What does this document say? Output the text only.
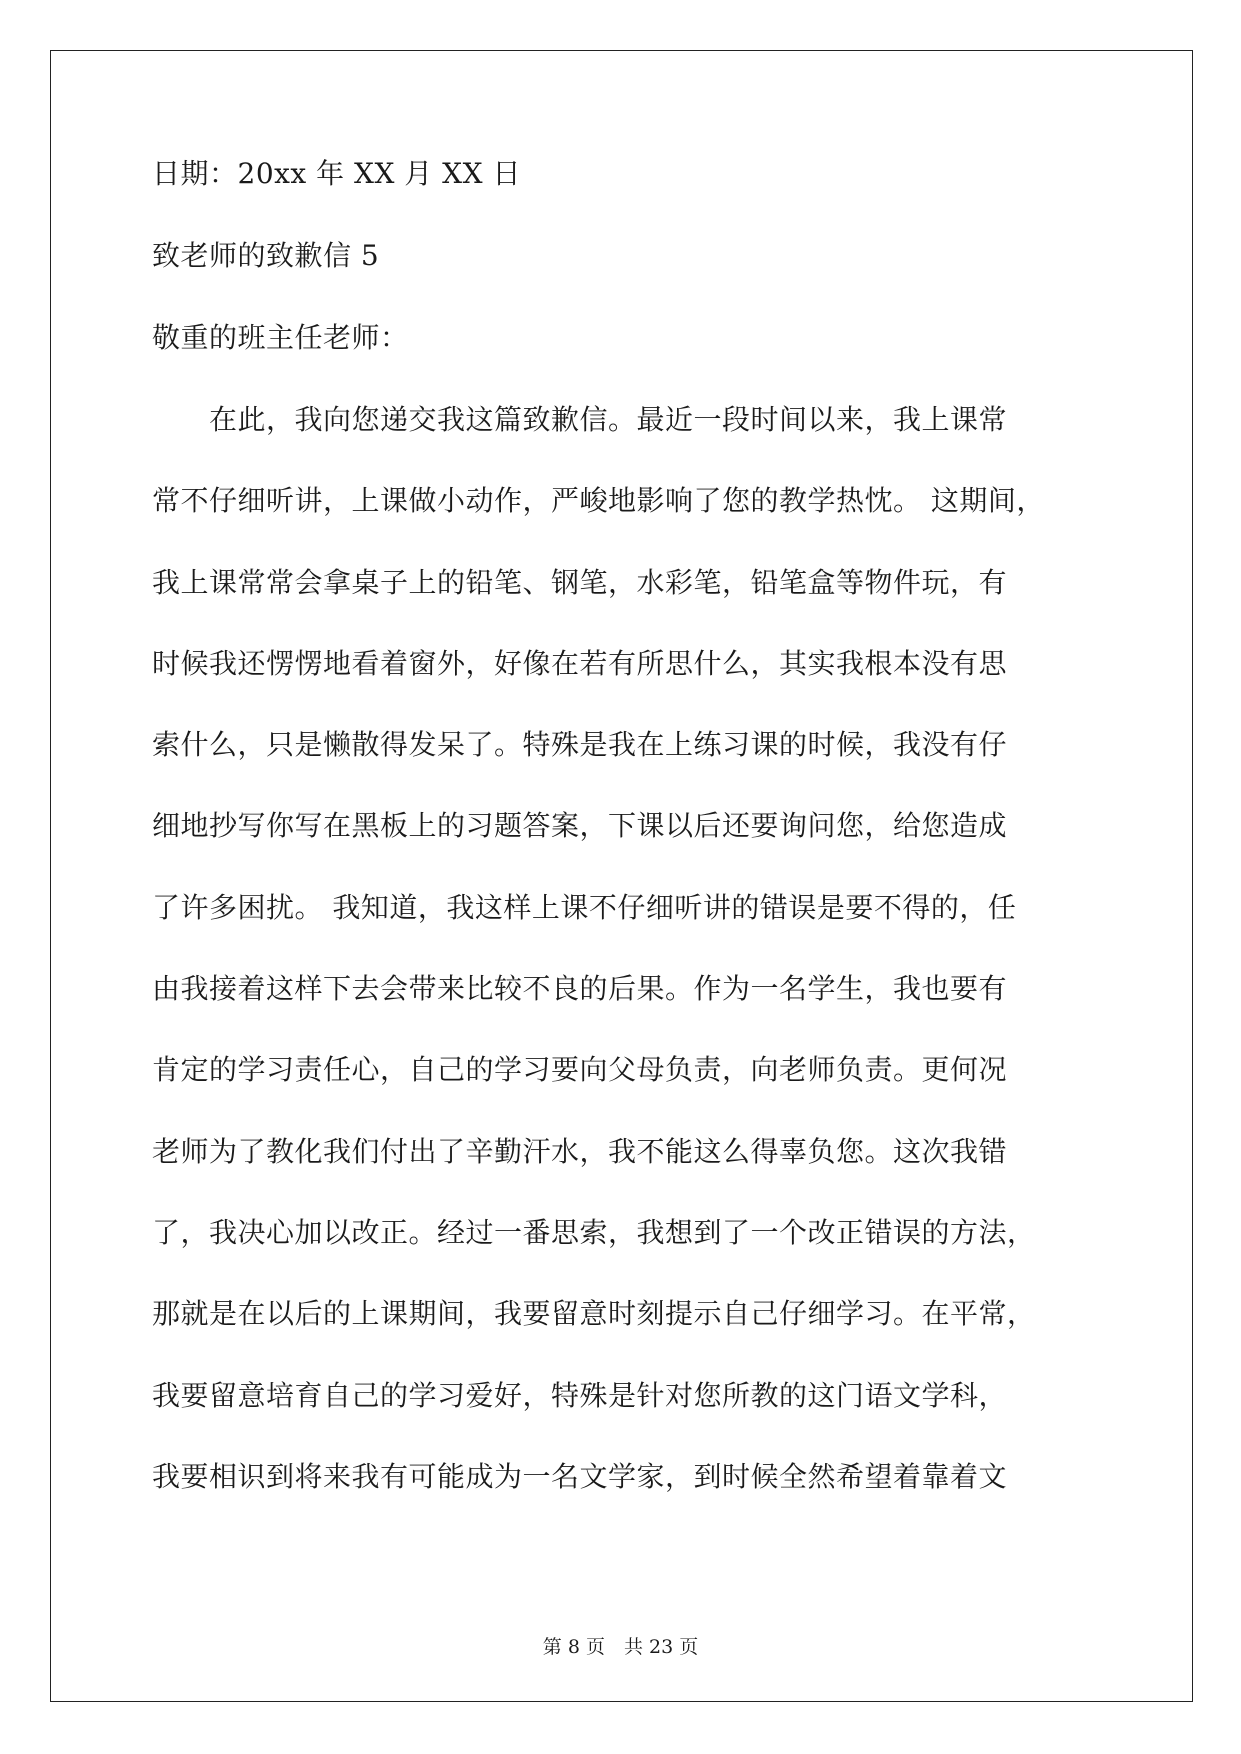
日期：20xx 年 XX 月 XX 日
致老师的致歉信 5
敬重的班主任老师：
　　在此，我向您递交我这篇致歉信。最近一段时间以来，我上课常
常不仔细听讲，上课做小动作，严峻地影响了您的教学热忱。 这期间，
我上课常常会拿桌子上的铅笔、钢笔，水彩笔，铅笔盒等物件玩，有
时候我还愣愣地看着窗外，好像在若有所思什么，其实我根本没有思
索什么，只是懒散得发呆了。特殊是我在上练习课的时候，我没有仔
细地抄写你写在黑板上的习题答案，下课以后还要询问您，给您造成
了许多困扰。 我知道，我这样上课不仔细听讲的错误是要不得的，任
由我接着这样下去会带来比较不良的后果。作为一名学生，我也要有
肯定的学习责任心，自己的学习要向父母负责，向老师负责。更何况
老师为了教化我们付出了辛勤汗水，我不能这么得辜负您。这次我错
了，我决心加以改正。经过一番思索，我想到了一个改正错误的方法，
那就是在以后的上课期间，我要留意时刻提示自己仔细学习。在平常，
我要留意培育自己的学习爱好，特殊是针对您所教的这门语文学科，
我要相识到将来我有可能成为一名文学家，到时候全然希望着靠着文
第 8 页　共 23 页
